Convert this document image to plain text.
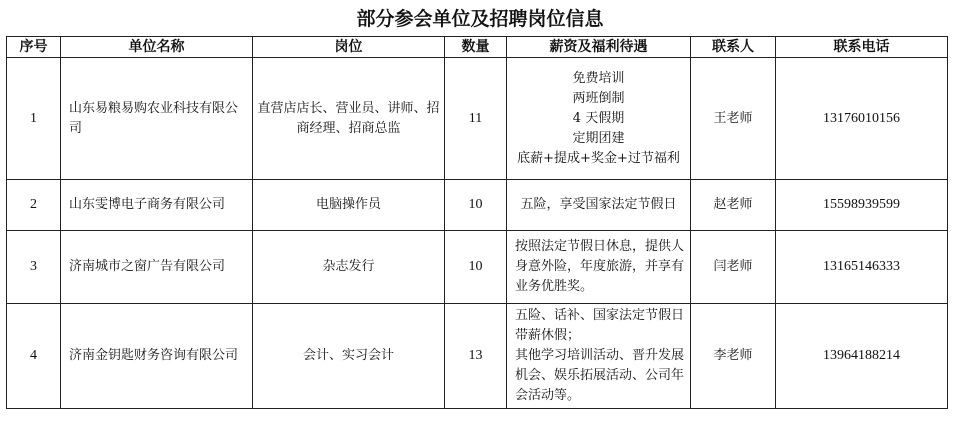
部分参会单位及招聘岗位信息
序号	单位名称	岗位	数量	薪资及福利待遇	联系人	联系电话
1	山东易粮易购农业科技有限公司	直营店店长、营业员、讲师、招商经理、招商总监	11	免费培训
两班倒制
4 天假期
定期团建
底薪+提成+奖金+过节福利	王老师	13176010156
2	山东雯博电子商务有限公司	电脑操作员	10	五险，享受国家法定节假日	赵老师	15598939599
3	济南城市之窗广告有限公司	杂志发行	10	按照法定节假日休息，提供人身意外险，年度旅游，并享有业务优胜奖。	闫老师	13165146333
4	济南金钥匙财务咨询有限公司	会计、实习会计	13	五险、话补、国家法定节假日带薪休假；
其他学习培训活动、晋升发展机会、娱乐拓展活动、公司年会活动等。	李老师	13964188214
